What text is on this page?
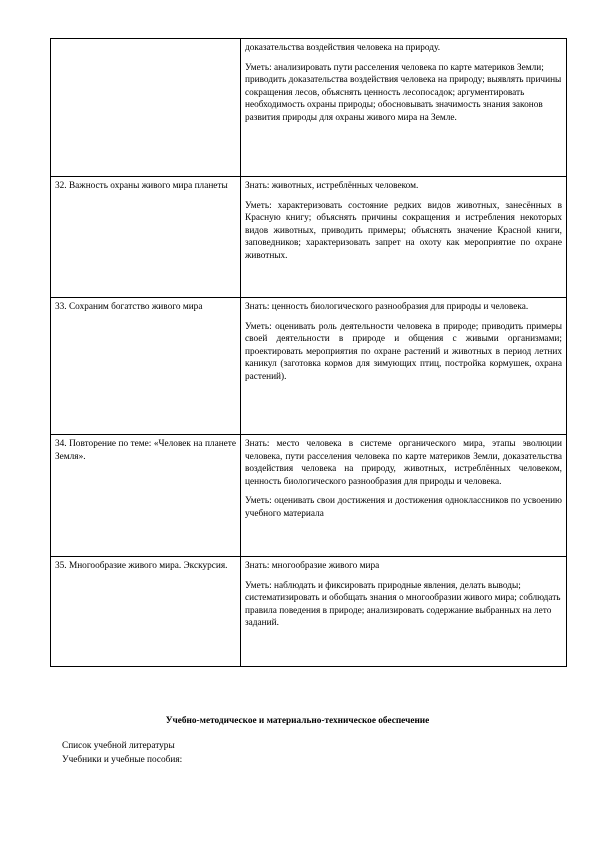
	доказательства воздействия человека на природу.

Уметь: анализировать пути расселения человека по карте материков Земли; приводить доказательства воздействия человека на природу; выявлять причины сокращения лесов, объяснять ценность лесопосадок; аргументировать необходимость охраны природы; обосновывать значимость знания законов развития природы для охраны живого мира на Земле.

32. Важность охраны живого мира планеты	Знать: животных, истреблённых человеком.

Уметь: характеризовать состояние редких видов животных, занесённых в Красную книгу; объяснять причины сокращения и истребления некоторых видов животных, приводить примеры; объяснять значение Красной книги, заповедников; характеризовать запрет на охоту как мероприятие по охране животных.

33. Сохраним богатство живого мира	Знать: ценность биологического разнообразия для природы и человека.

Уметь: оценивать роль деятельности человека в природе; приводить примеры своей деятельности в природе и общения с живыми организмами; проектировать мероприятия по охране растений и животных в период летних каникул (заготовка кормов для зимующих птиц, постройка кормушек, охрана растений).

34. Повторение по теме: «Человек на планете Земля».	Знать: место человека в системе органического мира, этапы эволюции человека, пути расселения человека по карте материков Земли, доказательства воздействия человека на природу, животных, истреблённых человеком, ценность биологического разнообразия для природы и человека.

Уметь: оценивать свои достижения и достижения одноклассников по усвоению учебного материала

35. Многообразие живого мира. Экскурсия.	Знать: многообразие живого мира

Уметь: наблюдать и фиксировать природные явления, делать выводы; систематизировать и обобщать знания о многообразии живого мира; соблюдать правила поведения в природе; анализировать содержание выбранных на лето заданий.

Учебно-методическое и материально-техническое обеспечение
Список учебной литературы
Учебники и учебные пособия:
